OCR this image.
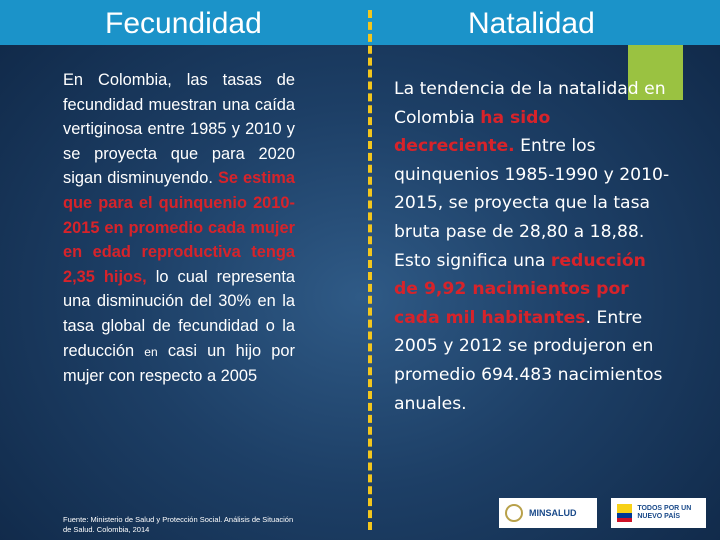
Fecundidad	Natalidad
En Colombia, las tasas de fecundidad muestran una caída vertiginosa entre 1985 y 2010 y se proyecta que para 2020 sigan disminuyendo. Se estima que para el quinquenio 2010-2015 en promedio cada mujer en edad reproductiva tenga 2,35 hijos, lo cual representa una disminución del 30% en la tasa global de fecundidad o la reducción en casi un hijo por mujer con respecto a 2005
La tendencia de la natalidad en Colombia ha sido decreciente. Entre los quinquenios 1985-1990 y 2010-2015, se proyecta que la tasa bruta pase de 28,80 a 18,88. Esto significa una reducción de 9,92 nacimientos por cada mil habitantes. Entre 2005 y 2012 se produjeron en promedio 694.483 nacimientos anuales.
Fuente: Ministerio de Salud y Protección Social. Análisis de Situación de Salud. Colombia, 2014
MINSALUD	TODOS POR UN NUEVO PAÍS
